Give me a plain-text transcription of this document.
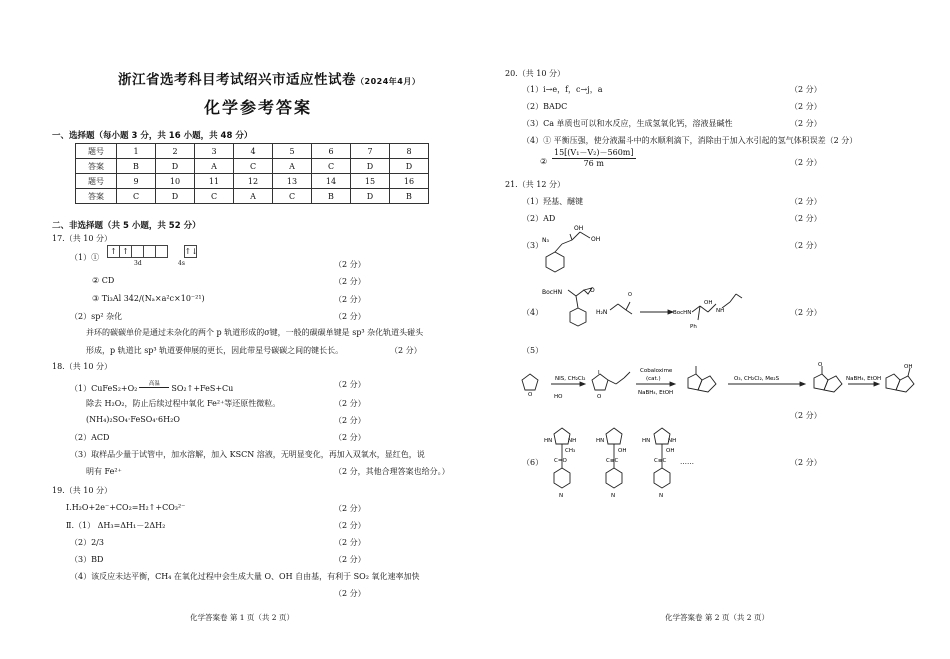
浙江省选考科目考试绍兴市适应性试卷（2024年4月）
化学参考答案
一、选择题（每小题 3 分，共 16 小题，共 48 分）
题号	1	2	3	4	5	6	7	8
答案	B	D	A	C	A	C	D	D
题号	9	10	11	12	13	14	15	16
答案	C	D	C	A	C	B	D	B
二、非选择题（共 5 小题，共 52 分）
17.（共 10 分）
（1）①
↑ ↑	↑↓
3d	4s	（2 分）
② CD	（2 分）
③ Ti₃Al 342/(Nₐ×a²c×10⁻²¹)	（2 分）
（2）sp² 杂化	（2 分）
并环的碳碳单价是通过未杂化的两个 p 轨道形成的σ键，一般的碳碳单键是 sp³ 杂化轨道头碰头
形成，p 轨道比 sp³ 轨道要伸展的更长，因此带星号碳碳之间的键长长。	（2 分）
18.（共 10 分）
（1）CuFeS₂+O₂ 高温 SO₂↑+FeS+Cu	（2 分）
除去 H₂O₂，防止后续过程中氧化 Fe²⁺等还原性微粒。	（2 分）
(NH₄)₂SO₄·FeSO₄·6H₂O	（2 分）
（2）ACD	（2 分）
（3）取样品少量于试管中，加水溶解，加入 KSCN 溶液，无明显变化，再加入双氧水，显红色，说
明有 Fe²⁺	（2 分，其他合理答案也给分。）
19.（共 10 分）
Ⅰ.H₂O+2e⁻+CO₂=H₂↑+CO₃²⁻	（2 分）
Ⅱ.（1） ΔH₃=ΔH₁－2ΔH₂	（2 分）
（2）2/3	（2 分）
（3）BD	（2 分）
（4）该反应未达平衡，CH₄ 在氧化过程中会生成大量 O、OH 自由基，有利于 SO₂ 氧化速率加快
（2 分）
化学答案卷 第 1 页（共 2 页）
20.（共 10 分）
（1）i→e，f，c→j，a	（2 分）
（2）BADC	（2 分）
（3）Ca 单质也可以和水反应，生成氢氧化钙，溶液显碱性	（2 分）
（4）① 平衡压强，使分液漏斗中的水顺利滴下，消除由于加入水引起的氢气体积误差（2 分）
② $\frac{\text{15[(V₁－V₂)－560m]}}{76 m}$	（2 分）
21.（共 12 分）
（1）羟基、醚键	（2 分）
（2）AD	（2 分）
（3）	（2 分）
（4）	（2 分）
（5）
（2 分）
（6）	（2 分）
N₃
OH
OH
BocHN	O
H₂N	BocHN
OH
NH
Ph
O
O
NIS, CH₂Cl₂
HO
I
O
Cobaloxime
(cat.)
NaBH₄, EtOH
O₃, CH₂Cl₂, Me₂S
O
NaBH₄, EtOH
OH
HN	NH
CH₃
C=O
N
HN
OH
C≡C
N
HN	NH
OH
C≡C
N
……
化学答案卷 第 2 页（共 2 页）
